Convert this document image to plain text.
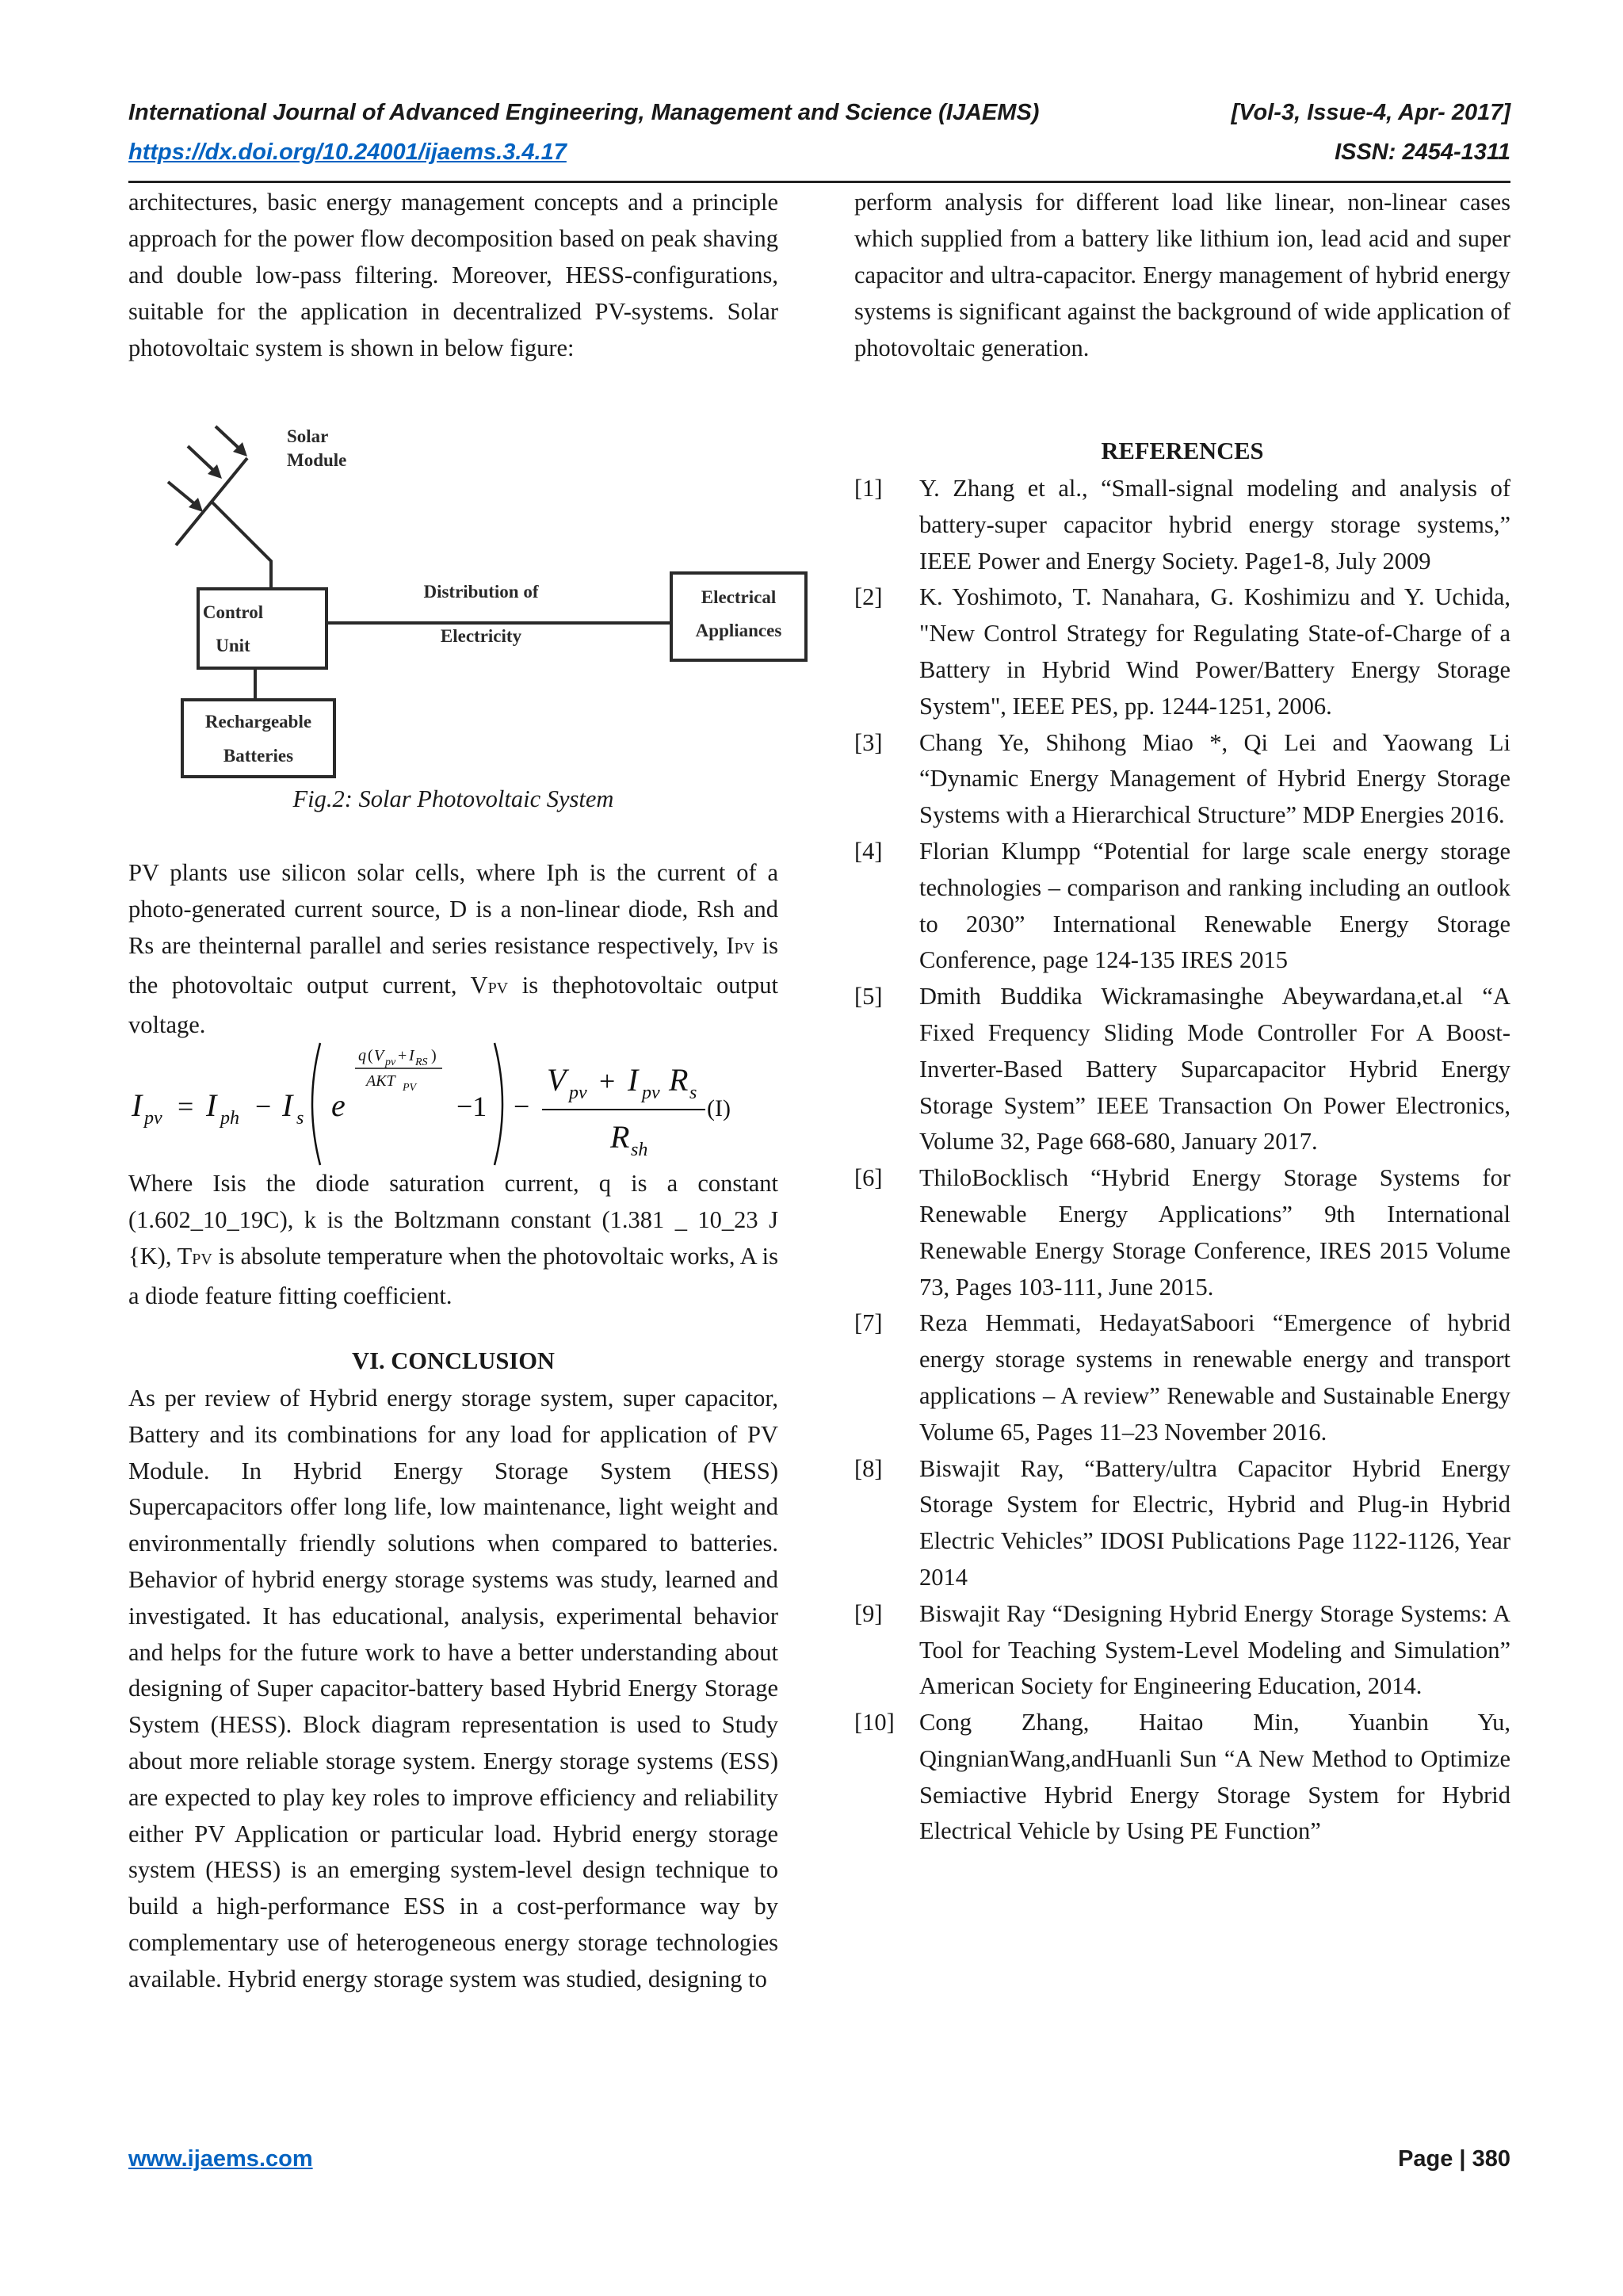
International Journal of Advanced Engineering, Management and Science (IJAEMS)	[Vol-3, Issue-4, Apr- 2017]
https://dx.doi.org/10.24001/ijaems.3.4.17	ISSN: 2454-1311

architectures, basic energy management concepts and a principle approach for the power flow decomposition based on peak shaving and double low-pass filtering. Moreover, HESS-configurations, suitable for the application in decentralized PV-systems. Solar photovoltaic system is shown in below figure:

Solar
Module
Control
Unit
Distribution of
Electricity
Electrical
Appliances
Rechargeable
Batteries
Fig.2: Solar Photovoltaic System

PV plants use silicon solar cells, where Iph is the current of a photo-generated current source, D is a non-linear diode, Rsh and Rs are theinternal parallel and series resistance respectively, IPV is the photovoltaic output current, VPV is thephotovoltaic output voltage.

I pv = I ph − I s e
q ( V pv + I RS )
AKT PV
−1 −
V pv + I pv R s
R sh
(I)

Where Isis the diode saturation current, q is a constant (1.602_10_19C), k is the Boltzmann constant (1.381 _ 10_23 J {K), TPV is absolute temperature when the photovoltaic works, A is a diode feature fitting coefficient.

VI. CONCLUSION

As per review of Hybrid energy storage system, super capacitor, Battery and its combinations for any load for application of PV Module. In Hybrid Energy Storage System (HESS) Supercapacitors offer long life, low maintenance, light weight and environmentally friendly solutions when compared to batteries. Behavior of hybrid energy storage systems was study, learned and investigated. It has educational, analysis, experimental behavior and helps for the future work to have a better understanding about designing of Super capacitor-battery based Hybrid Energy Storage System (HESS). Block diagram representation is used to Study about more reliable storage system. Energy storage systems (ESS) are expected to play key roles to improve efficiency and reliability either PV Application or particular load. Hybrid energy storage system (HESS) is an emerging system-level design technique to build a high-performance ESS in a cost-performance way by complementary use of heterogeneous energy storage technologies available. Hybrid energy storage system was studied, designing to

perform analysis for different load like linear, non-linear cases which supplied from a battery like lithium ion, lead acid and super capacitor and ultra-capacitor. Energy management of hybrid energy systems is significant against the background of wide application of photovoltaic generation.

REFERENCES
[1]	Y. Zhang et al., “Small-signal modeling and analysis of battery-super capacitor hybrid energy storage systems,” IEEE Power and Energy Society. Page1-8, July 2009
[2]	K. Yoshimoto, T. Nanahara, G. Koshimizu and Y. Uchida, "New Control Strategy for Regulating State-of-Charge of a Battery in Hybrid Wind Power/Battery Energy Storage System", IEEE PES, pp. 1244-1251, 2006.
[3]	Chang Ye, Shihong Miao *, Qi Lei and Yaowang Li “Dynamic Energy Management of Hybrid Energy Storage Systems with a Hierarchical Structure” MDP Energies 2016.
[4]	Florian Klumpp “Potential for large scale energy storage technologies – comparison and ranking including an outlook to 2030” International Renewable Energy Storage Conference, page 124-135 IRES 2015
[5]	Dmith Buddika Wickramasinghe Abeywardana,et.al “A Fixed Frequency Sliding Mode Controller For A Boost-Inverter-Based Battery Suparcapacitor Hybrid Energy Storage System” IEEE Transaction On Power Electronics, Volume 32, Page 668-680, January 2017.
[6]	ThiloBocklisch “Hybrid Energy Storage Systems for Renewable Energy Applications” 9th International Renewable Energy Storage Conference, IRES 2015 Volume 73, Pages 103-111, June 2015.
[7]	Reza Hemmati, HedayatSaboori “Emergence of hybrid energy storage systems in renewable energy and transport applications – A review” Renewable and Sustainable Energy Volume 65, Pages 11–23 November 2016.
[8]	Biswajit Ray, “Battery/ultra Capacitor Hybrid Energy Storage System for Electric, Hybrid and Plug-in Hybrid Electric Vehicles” IDOSI Publications Page 1122-1126, Year 2014
[9]	Biswajit Ray “Designing Hybrid Energy Storage Systems: A Tool for Teaching System-Level Modeling and Simulation” American Society for Engineering Education, 2014.
[10]	Cong Zhang, Haitao Min, Yuanbin Yu, QingnianWang,andHuanli Sun “A New Method to Optimize Semiactive Hybrid Energy Storage System for Hybrid Electrical Vehicle by Using PE Function”
www.ijaems.com	Page | 380
